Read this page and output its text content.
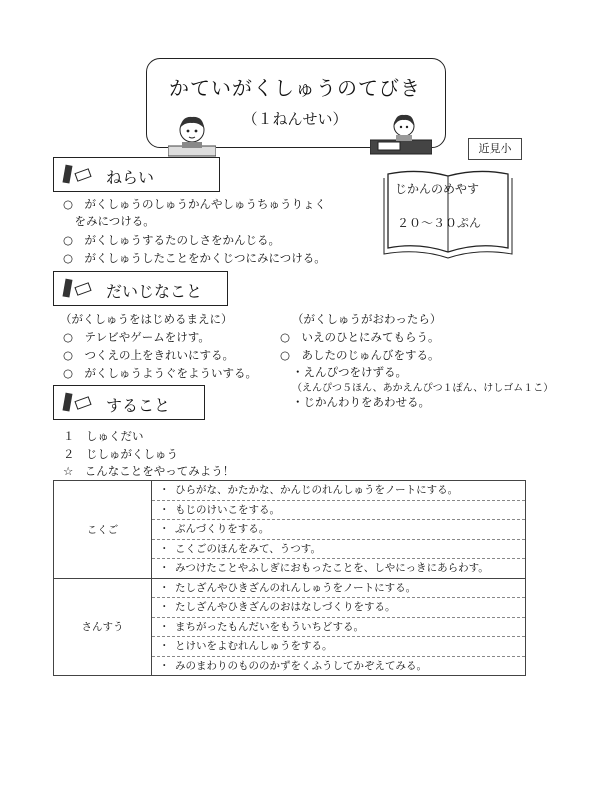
かていがくしゅうのてびき
（１ねんせい）
近見小
じかんのめやす
２０〜３０ぷん
ねらい
○　がくしゅうのしゅうかんやしゅうちゅうりょく
　をみにつける。
○　がくしゅうするたのしさをかんじる。
○　がくしゅうしたことをかくじつにみにつける。
だいじなこと
（がくしゅうをはじめるまえに）
○　テレビやゲームをけす。
○　つくえの上をきれいにする。
○　がくしゅうようぐをよういする。
（がくしゅうがおわったら）
○　いえのひとにみてもらう。
○　あしたのじゅんびをする。
・えんぴつをけずる。
（えんぴつ５ほん、あかえんぴつ１ぽん、けしゴム１こ）
・じかんわりをあわせる。
すること
１　しゅくだい
２　じしゅがくしゅう
☆　こんなことをやってみよう！
こくご	・ ひらがな、かたかな、かんじのれんしゅうをノートにする。
・ もじのけいこをする。
・ ぶんづくりをする。
・ こくごのほんをみて、うつす。
・ みつけたことやふしぎにおもったことを、しやにっきにあらわす。

さんすう	・ たしざんやひきざんのれんしゅうをノートにする。
・ たしざんやひきざんのおはなしづくりをする。
・ まちがったもんだいをもういちどする。
・ とけいをよむれんしゅうをする。
・ みのまわりのもののかずをくふうしてかぞえてみる。
